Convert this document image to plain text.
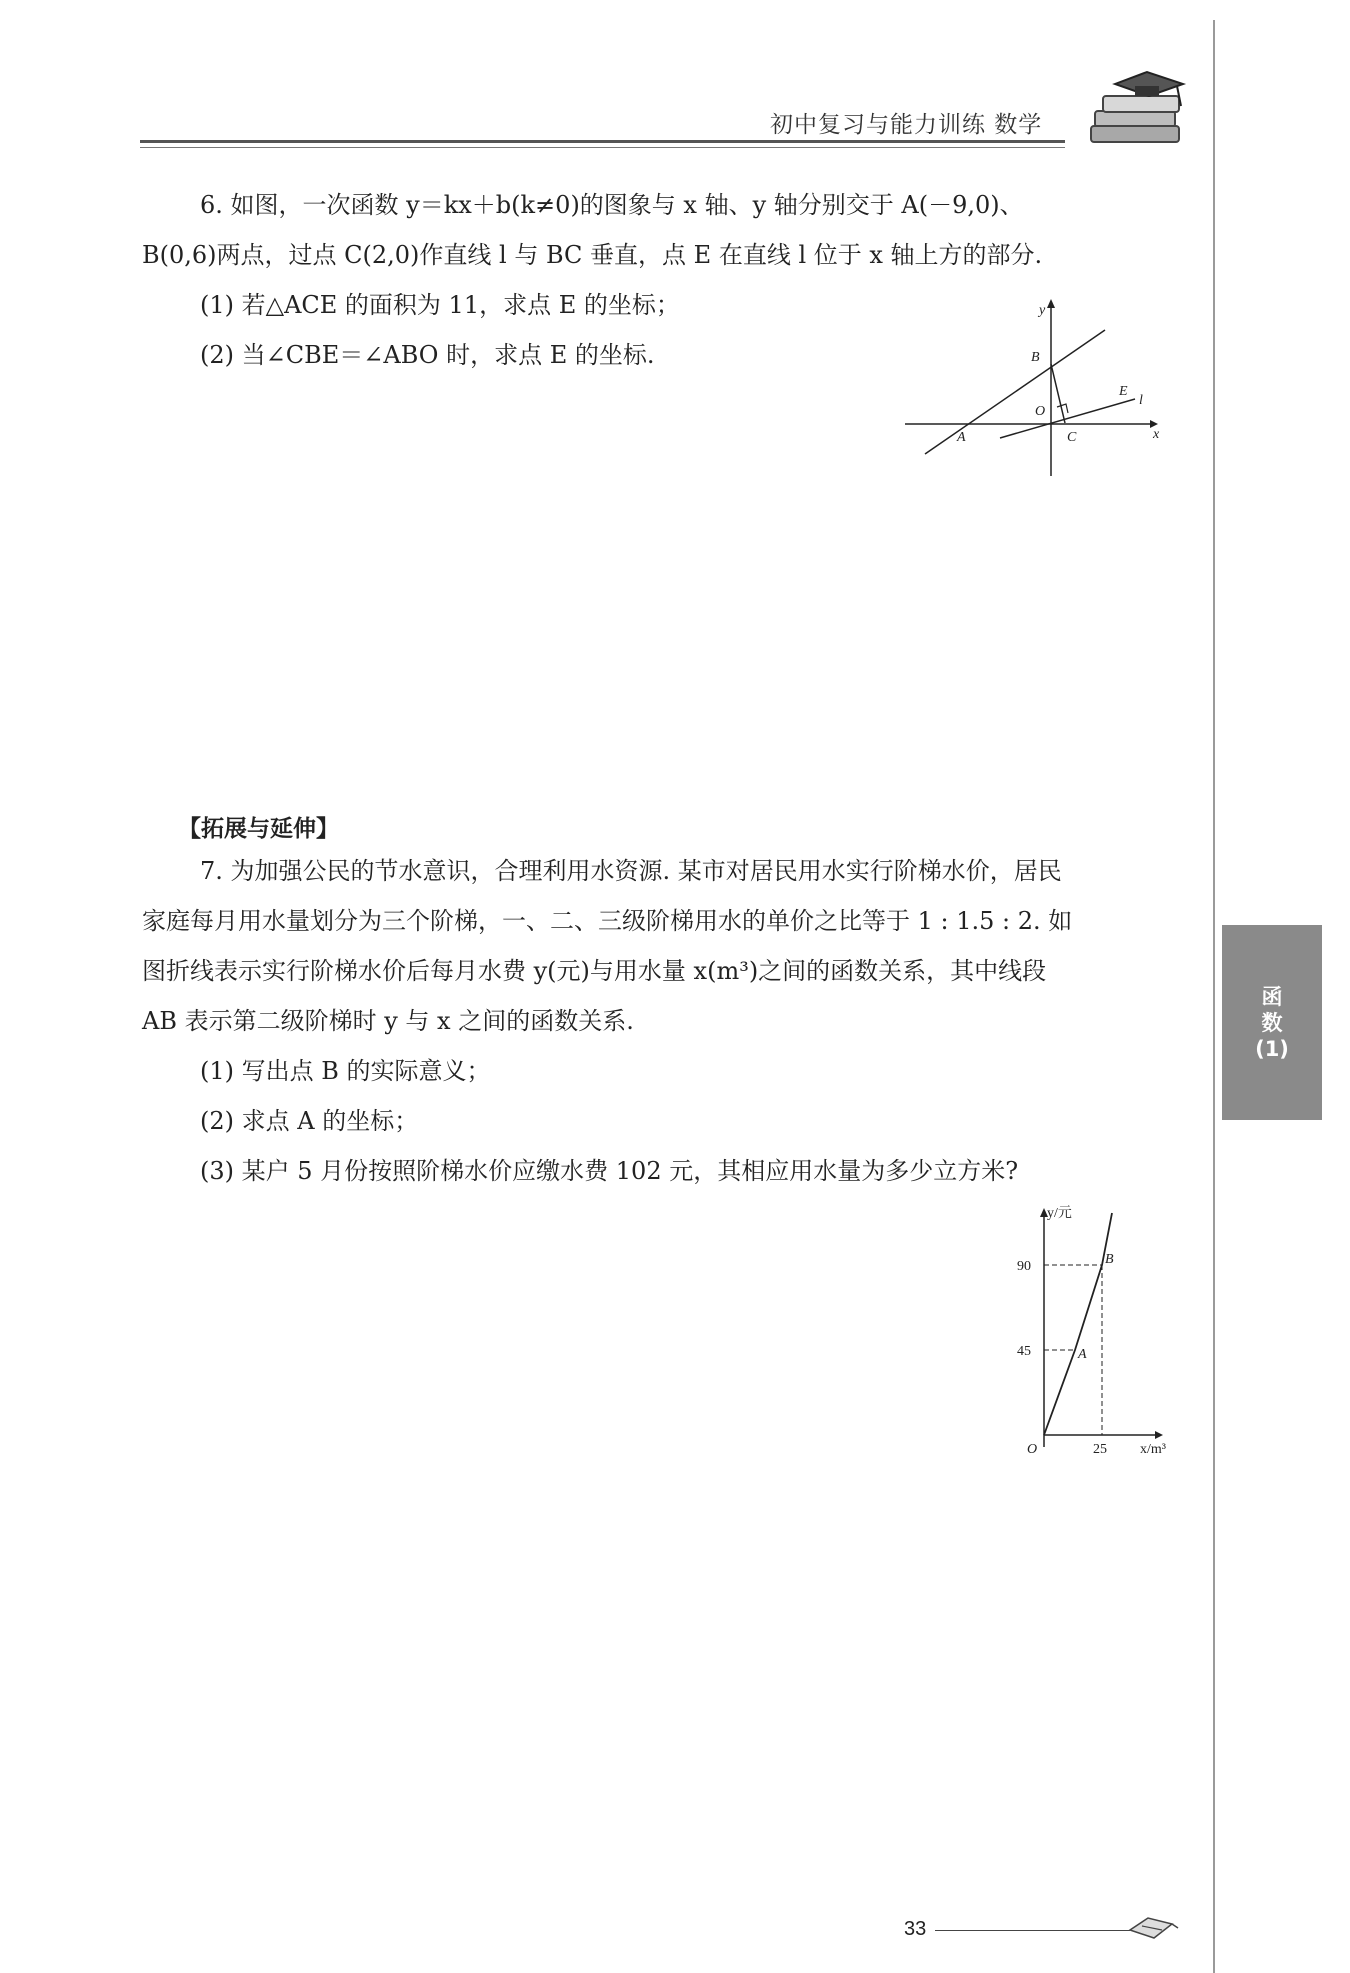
初中复习与能力训练 数学
函
数
(1)
6. 如图，一次函数 y＝kx＋b(k≠0)的图象与 x 轴、y 轴分别交于 A(－9,0)、
B(0,6)两点，过点 C(2,0)作直线 l 与 BC 垂直，点 E 在直线 l 位于 x 轴上方的部分.
(1) 若△ACE 的面积为 11，求点 E 的坐标；
(2) 当∠CBE＝∠ABO 时，求点 E 的坐标.
y
x
B
O
A	C
E
l
【拓展与延伸】
7. 为加强公民的节水意识，合理利用水资源. 某市对居民用水实行阶梯水价，居民
家庭每月用水量划分为三个阶梯，一、二、三级阶梯用水的单价之比等于 1 : 1.5 : 2. 如
图折线表示实行阶梯水价后每月水费 y(元)与用水量 x(m³)之间的函数关系，其中线段
AB 表示第二级阶梯时 y 与 x 之间的函数关系.
(1) 写出点 B 的实际意义；
(2) 求点 A 的坐标；
(3) 某户 5 月份按照阶梯水价应缴水费 102 元，其相应用水量为多少立方米?
y/元
x/m³
O
90
45
25
B
A
33
